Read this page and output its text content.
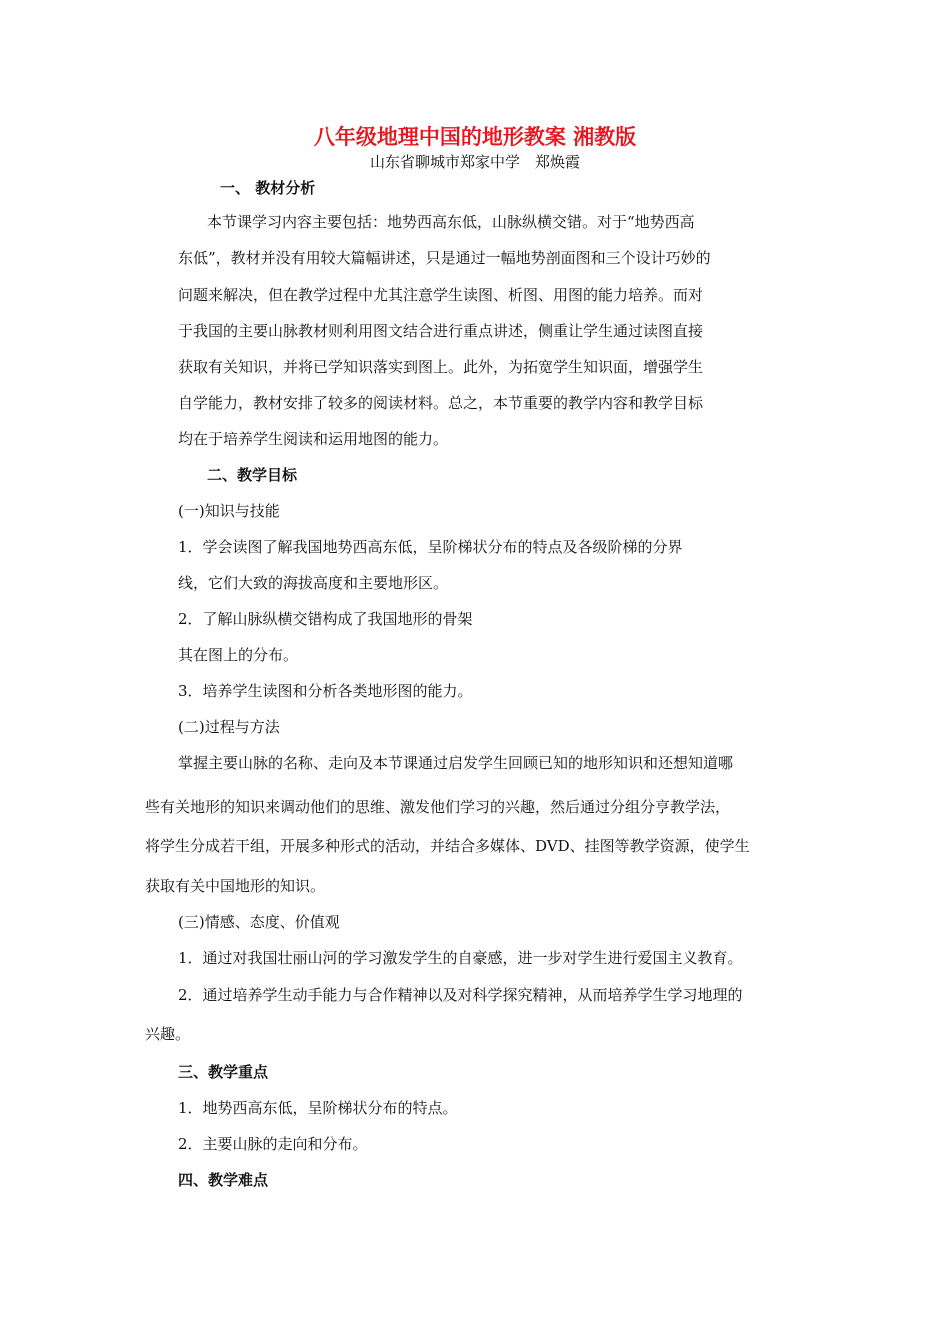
八年级地理中国的地形教案 湘教版
山东省聊城市郑家中学　郑焕霞
一、 教材分析
本节课学习内容主要包括：地势西高东低，山脉纵横交错。对于“地势西高
东低”，教材并没有用较大篇幅讲述，只是通过一幅地势剖面图和三个设计巧妙的
问题来解决，但在教学过程中尤其注意学生读图、析图、用图的能力培养。而对
于我国的主要山脉教材则利用图文结合进行重点讲述，侧重让学生通过读图直接
获取有关知识，并将已学知识落实到图上。此外，为拓宽学生知识面，增强学生
自学能力，教材安排了较多的阅读材料。总之，本节重要的教学内容和教学目标
均在于培养学生阅读和运用地图的能力。
二、教学目标
(一)知识与技能
1．学会读图了解我国地势西高东低，呈阶梯状分布的特点及各级阶梯的分界
线，它们大致的海拔高度和主要地形区。
2．了解山脉纵横交错构成了我国地形的骨架
其在图上的分布。
3．培养学生读图和分析各类地形图的能力。
(二)过程与方法
掌握主要山脉的名称、走向及本节课通过启发学生回顾已知的地形知识和还想知道哪
些有关地形的知识来调动他们的思维、激发他们学习的兴趣，然后通过分组分亨教学法，
将学生分成若干组，开展多种形式的活动，并结合多媒体、DVD、挂图等教学资源，使学生
获取有关中国地形的知识。
(三)情感、态度、价值观
1．通过对我国壮丽山河的学习激发学生的自豪感，进一步对学生进行爱国主义教育。
2．通过培养学生动手能力与合作精神以及对科学探究精神，从而培养学生学习地理的
兴趣。
三、教学重点
1．地势西高东低，呈阶梯状分布的特点。
2．主要山脉的走向和分布。
四、教学难点
